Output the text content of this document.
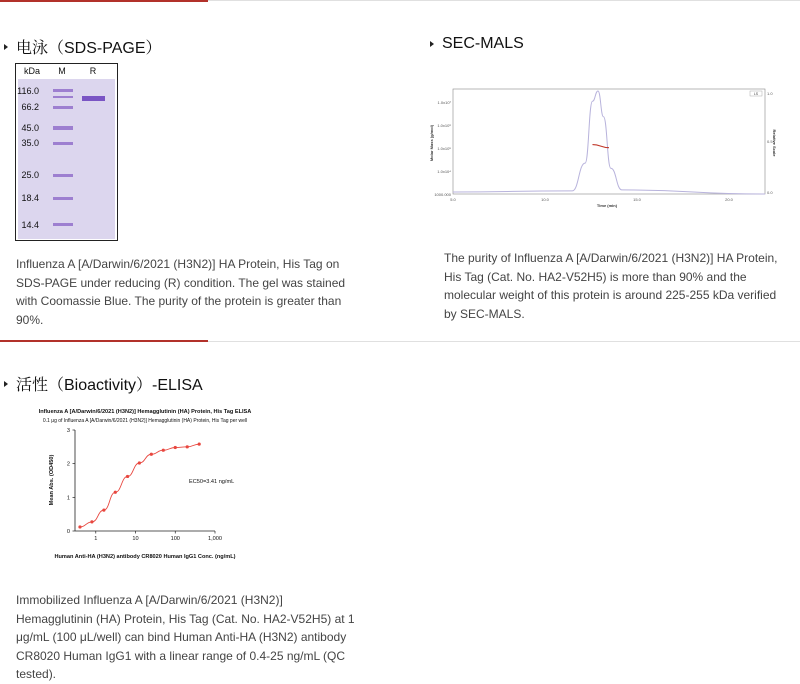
电泳（SDS-PAGE）
kDa M	R
116.0
66.2
45.0
35.0
25.0
18.4
14.4

Influenza A [A/Darwin/6/2021 (H3N2)] HA Protein, His Tag on SDS-PAGE under reducing (R) condition. The gel was stained with Coomassie Blue. The purity of the protein is greater than 90%.

SEC-MALS
1000.000
1.0x10⁴
1.0x10⁵
1.0x10⁶
1.0x10⁷
1.0
0.5
0.0
5.0	10.0	15.0	20.0
Time (min)
Molar Mass (g/mol)	Relative Scale
LS

The purity of Influenza A [A/Darwin/6/2021 (H3N2)] HA Protein, His Tag (Cat. No. HA2-V52H5) is more than 90% and the molecular weight of this protein is around 225-255 kDa verified by SEC-MALS.

活性（Bioactivity）-ELISA
Influenza A [A/Darwin/6/2021 (H3N2)] Hemagglutinin (HA) Protein, His Tag ELISA
0.1 μg of Influenza A [A/Darwin/6/2021 (H3N2)] Hemagglutinin (HA) Protein, His Tag per well
Mean Abs. (OD450)
Human Anti-HA (H3N2) antibody CR8020 Human IgG1 Conc. (ng/mL)
EC50=3.41 ng/mL
1	10	100	1,000
0
1
2
3

Immobilized Influenza A [A/Darwin/6/2021 (H3N2)] Hemagglutinin (HA) Protein, His Tag (Cat. No. HA2-V52H5) at 1 μg/mL (100 μL/well) can bind Human Anti-HA (H3N2) antibody CR8020 Human IgG1 with a linear range of 0.4-25 ng/mL (QC tested).
